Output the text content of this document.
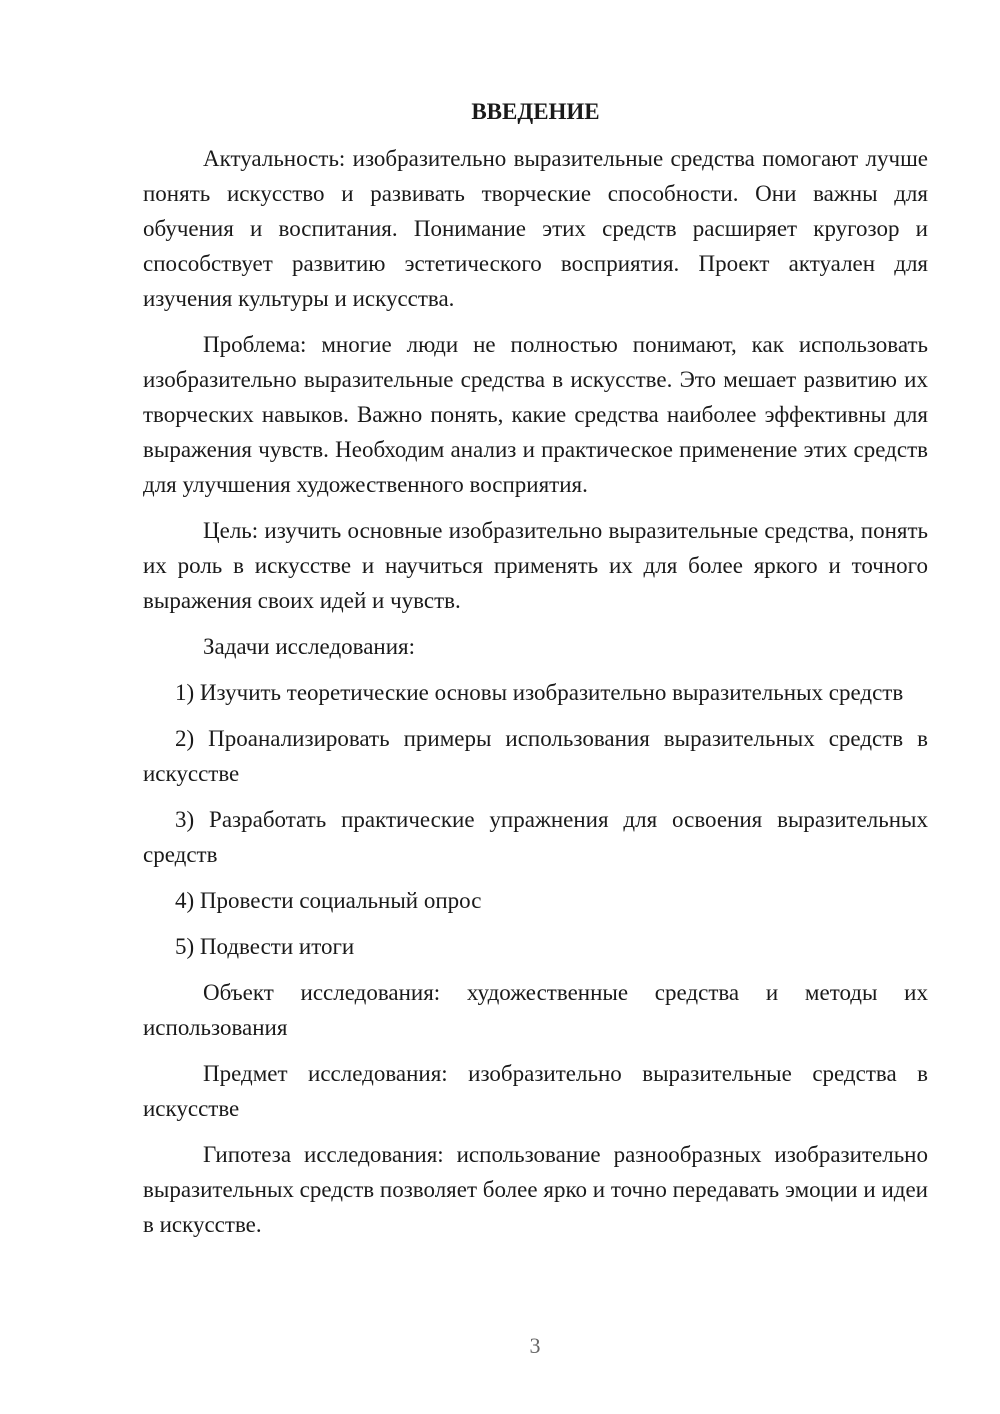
ВВЕДЕНИЕ

Актуальность: изобразительно выразительные средства помогают лучше понять искусство и развивать творческие способности. Они важны для обучения и воспитания. Понимание этих средств расширяет кругозор и способствует развитию эстетического восприятия. Проект актуален для изучения культуры и искусства.

Проблема: многие люди не полностью понимают, как использовать изобразительно выразительные средства в искусстве. Это мешает развитию их творческих навыков. Важно понять, какие средства наиболее эффективны для выражения чувств. Необходим анализ и практическое применение этих средств для улучшения художественного восприятия.

Цель: изучить основные изобразительно выразительные средства, понять их роль в искусстве и научиться применять их для более яркого и точного выражения своих идей и чувств.

Задачи исследования:

1) Изучить теоретические основы изобразительно выразительных средств

2) Проанализировать примеры использования выразительных средств в искусстве

3) Разработать практические упражнения для освоения выразительных средств

4) Провести социальный опрос

5) Подвести итоги

Объект исследования: художественные средства и методы их использования

Предмет исследования: изобразительно выразительные средства в искусстве

Гипотеза исследования: использование разнообразных изобразительно выразительных средств позволяет более ярко и точно передавать эмоции и идеи в искусстве.

3
